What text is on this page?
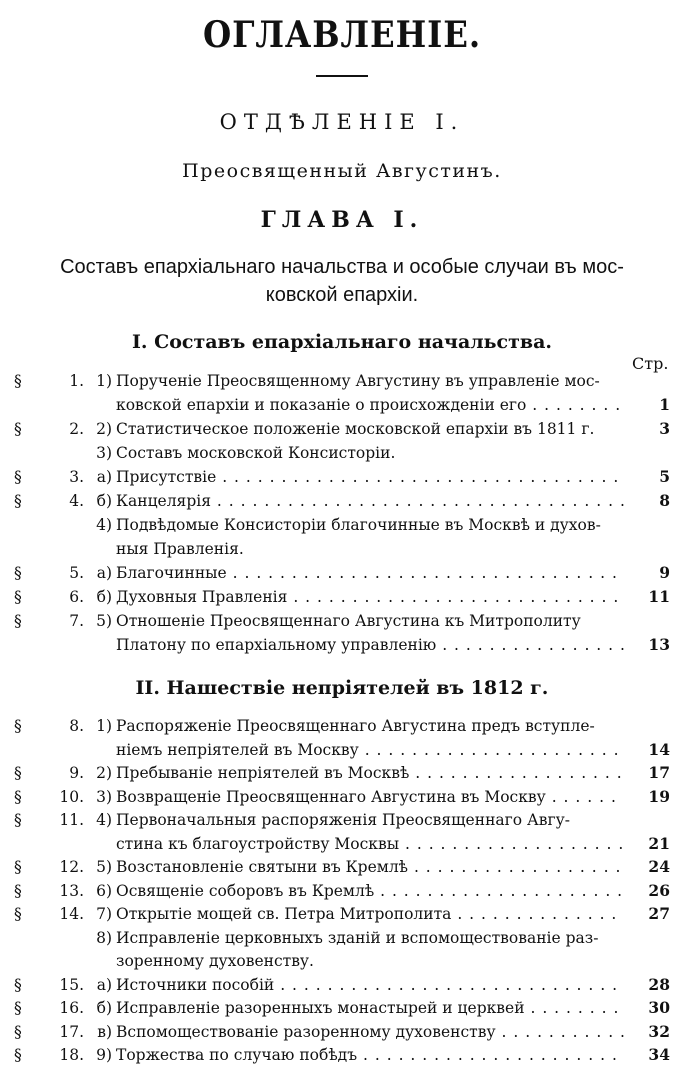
ОГЛАВЛЕНІЕ.
ОТДѢЛЕНІЕ I.
Преосвященный Августинъ.
ГЛАВА I.
Составъ епархіальнаго начальства и особые случаи въ мос-
ковской епархіи.
I. Составъ епархіальнаго начальства.
Стр.
§	1. 1) Порученіе Преосвященному Августину въ управленіе мос-
ковской епархіи и показаніе о происхожденіи его . . .	1
§	2. 2) Статистическое положеніе московской епархіи въ 1811 г.	3
3) Составъ московской Консисторіи.
§	3. а) Присутствіе . . .	5
§	4. б) Канцелярія . . .	8
4) Подвѣдомые Консисторіи благочинные въ Москвѣ и духов-
ныя Правленія.
§	5. а) Благочинные . . .	9
§	6. б) Духовныя Правленія . . .	11
§	7. 5) Отношеніе Преосвященнаго Августина къ Митрополиту
Платону по епархіальному управленію . . .	13
II. Нашествіе непріятелей въ 1812 г.
§	8. 1) Распоряженіе Преосвященнаго Августина предъ вступле-
ніемъ непріятелей въ Москву . . .	14
§	9. 2) Пребываніе непріятелей въ Москвѣ . . .	17
§	10. 3) Возвращеніе Преосвященнаго Августина въ Москву . . .	19
§	11. 4) Первоначальныя распоряженія Преосвященнаго Авгу-
стина къ благоустройству Москвы . . .	21
§	12. 5) Возстановленіе святыни въ Кремлѣ . . .	24
§	13. 6) Освященіе соборовъ въ Кремлѣ . . .	26
§	14. 7) Открытіе мощей св. Петра Митрополита . . .	27
8) Исправленіе церковныхъ зданій и вспомоществованіе раз-
зоренному духовенству.
§	15. а) Источники пособій . . .	28
§	16. б) Исправленіе разоренныхъ монастырей и церквей . . .	30
§	17. в) Вспомоществованіе разоренному духовенству . . .	32
§	18. 9) Торжества по случаю побѣдъ . . .	34
